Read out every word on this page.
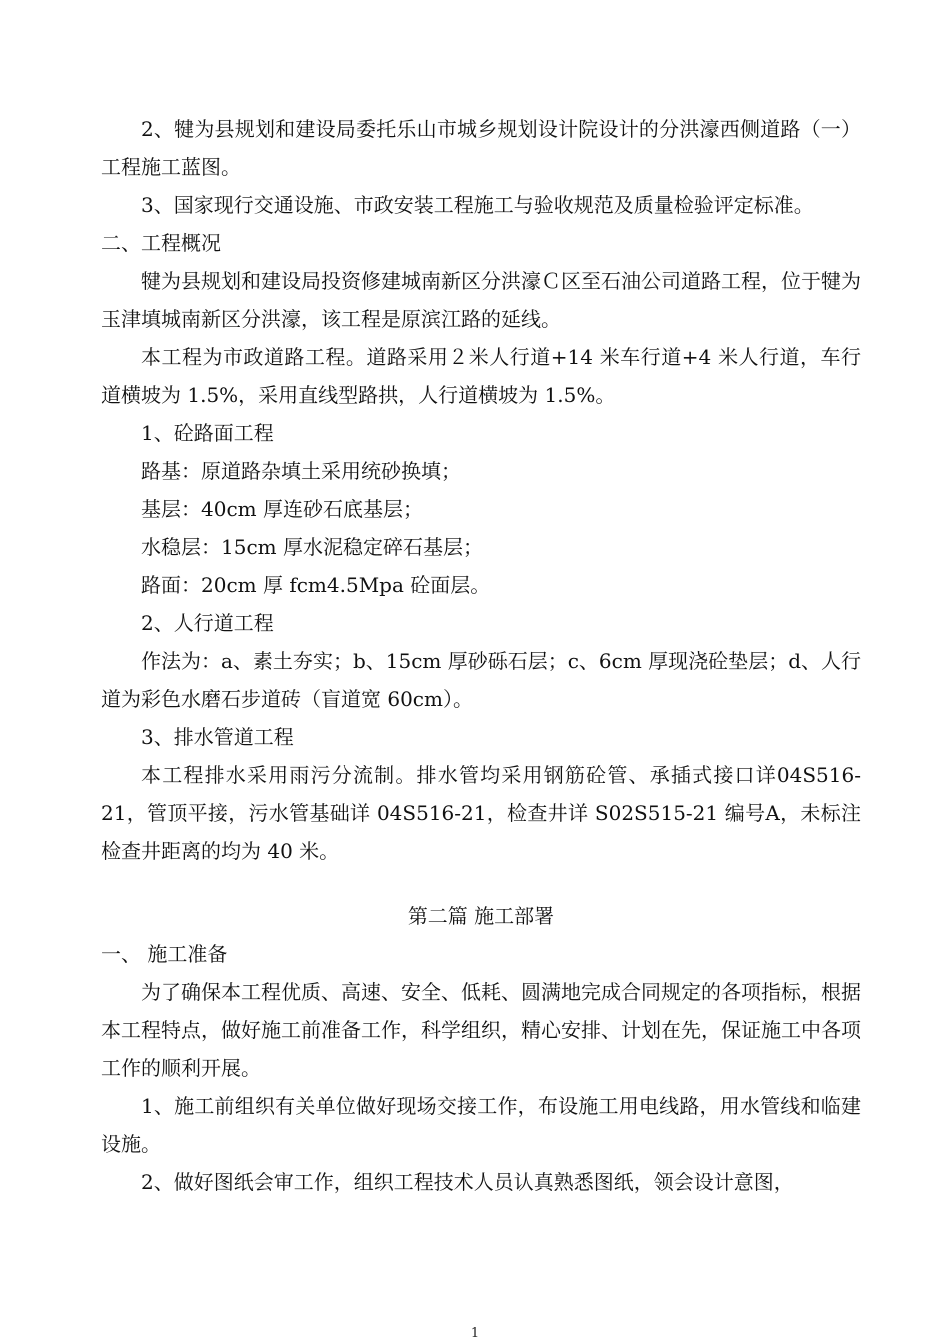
2、犍为县规划和建设局委托乐山市城乡规划设计院设计的分洪濠西侧道路（一）工程施工蓝图。

3、国家现行交通设施、市政安装工程施工与验收规范及质量检验评定标准。

二、工程概况

犍为县规划和建设局投资修建城南新区分洪濠Ｃ区至石油公司道路工程，位于犍为玉津填城南新区分洪濠，该工程是原滨江路的延线。

本工程为市政道路工程。道路采用２米人行道+14 米车行道+4 米人行道，车行道横坡为 1.5%，采用直线型路拱，人行道横坡为 1.5%。

1、砼路面工程

路基：原道路杂填土采用统砂换填；

基层：40cm 厚连砂石底基层；

水稳层：15cm 厚水泥稳定碎石基层；

路面：20cm 厚 fcm4.5Mpa 砼面层。

2、人行道工程

作法为：a、素土夯实；b、15cm 厚砂砾石层；c、6cm 厚现浇砼垫层；d、人行道为彩色水磨石步道砖（盲道宽 60cm）。

3、排水管道工程

本工程排水采用雨污分流制。排水管均采用钢筋砼管、承插式接口详04S516-21，管顶平接，污水管基础详 04S516-21，检查井详 S02S515-21 编号A，未标注检查井距离的均为 40 米。

第二篇 施工部署

一、 施工准备

为了确保本工程优质、高速、安全、低耗、圆满地完成合同规定的各项指标，根据本工程特点，做好施工前准备工作，科学组织，精心安排、计划在先，保证施工中各项工作的顺利开展。

1、施工前组织有关单位做好现场交接工作，布设施工用电线路，用水管线和临建设施。

2、做好图纸会审工作，组织工程技术人员认真熟悉图纸，领会设计意图，

1
